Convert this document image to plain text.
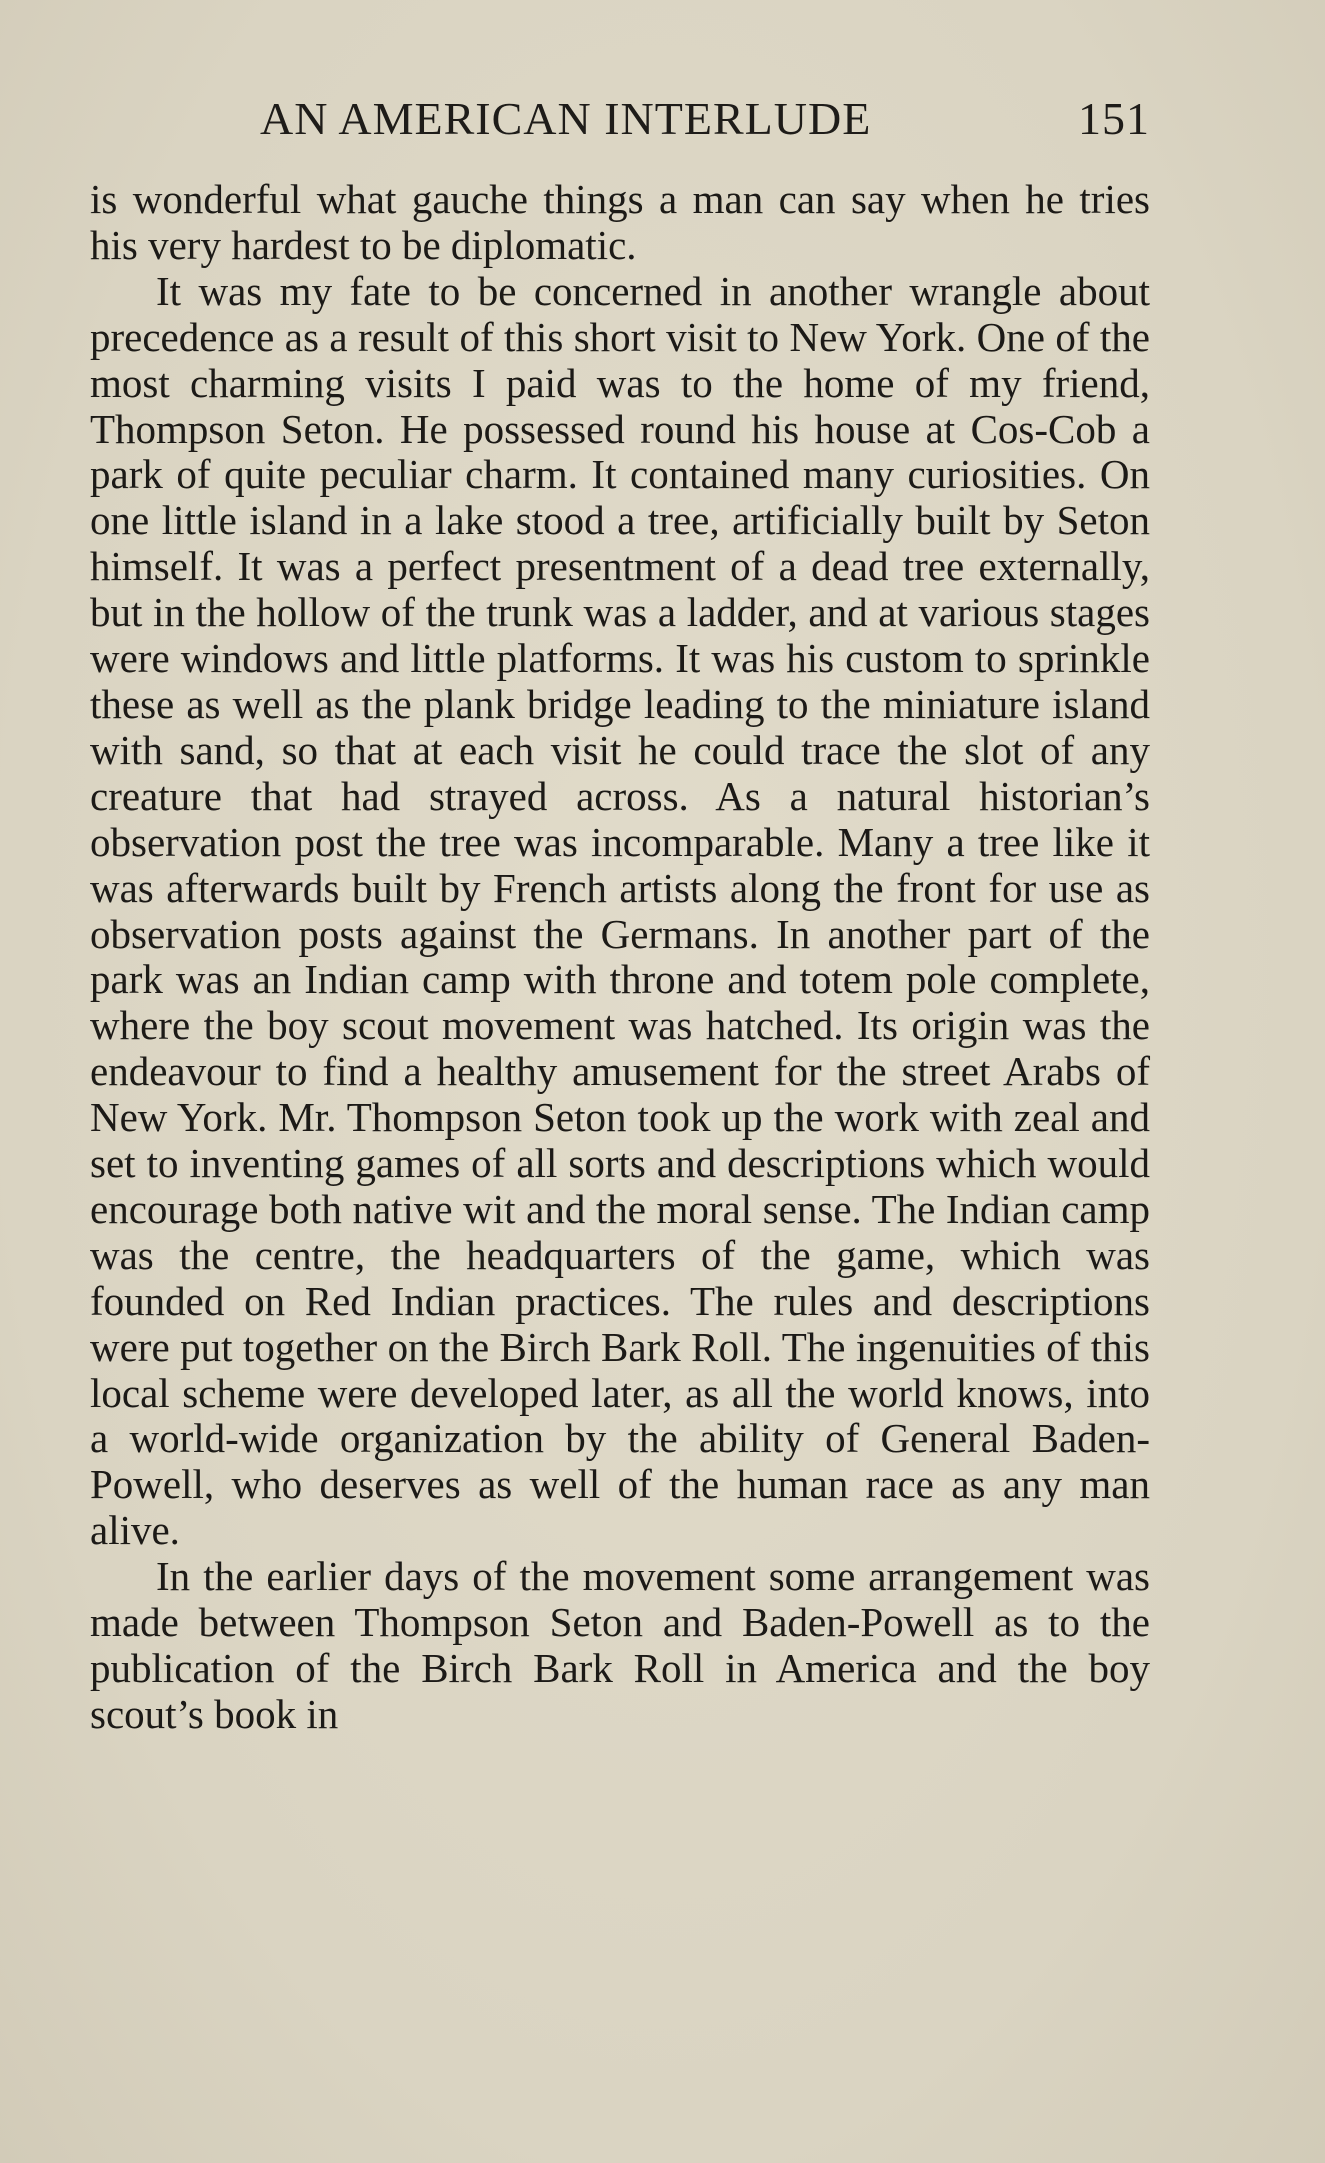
AN AMERICAN INTERLUDE	151

is wonderful what gauche things a man can say when he tries his very hardest to be diplomatic.

It was my fate to be concerned in another wrangle about precedence as a result of this short visit to New York. One of the most charming visits I paid was to the home of my friend, Thompson Seton. He possessed round his house at Cos-Cob a park of quite peculiar charm. It contained many curiosities. On one little island in a lake stood a tree, artificially built by Seton himself. It was a perfect presentment of a dead tree externally, but in the hollow of the trunk was a ladder, and at various stages were windows and little platforms. It was his custom to sprinkle these as well as the plank bridge leading to the miniature island with sand, so that at each visit he could trace the slot of any creature that had strayed across. As a natural historian’s observation post the tree was incomparable. Many a tree like it was afterwards built by French artists along the front for use as observation posts against the Germans. In another part of the park was an Indian camp with throne and totem pole complete, where the boy scout movement was hatched. Its origin was the endeavour to find a healthy amusement for the street Arabs of New York. Mr. Thompson Seton took up the work with zeal and set to inventing games of all sorts and descriptions which would encourage both native wit and the moral sense. The Indian camp was the centre, the headquarters of the game, which was founded on Red Indian practices. The rules and descriptions were put together on the Birch Bark Roll. The ingenuities of this local scheme were developed later, as all the world knows, into a world-wide organization by the ability of General Baden-Powell, who deserves as well of the human race as any man alive.

In the earlier days of the movement some arrangement was made between Thompson Seton and Baden-Powell as to the publication of the Birch Bark Roll in America and the boy scout’s book in
